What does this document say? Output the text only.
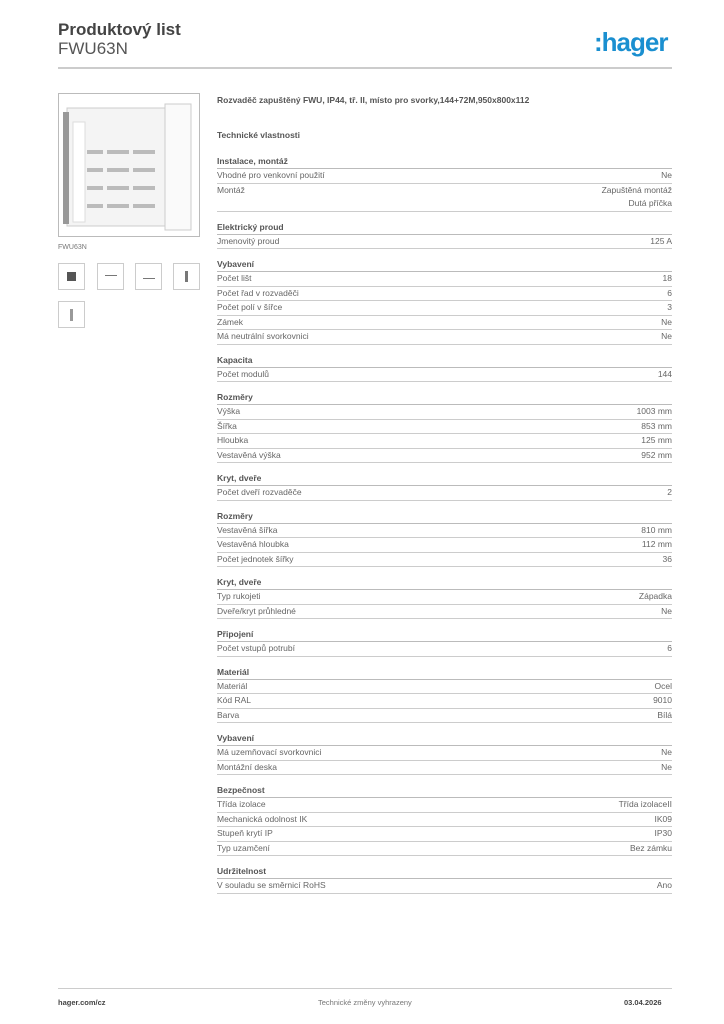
Produktový list
FWU63N	:hager
FWU63N
Rozvaděč zapuštěný FWU, IP44, tř. II, místo pro svorky,144+72M,950x800x112
Technické vlastnosti
Instalace, montáž
Vhodné pro venkovní použití	Ne
Montáž	Zapuštěná montáž
Dutá příčka
Elektrický proud
Jmenovitý proud	125 A
Vybavení
Počet lišt	18
Počet řad v rozvaděči	6
Počet polí v šířce	3
Zámek	Ne
Má neutrální svorkovnici	Ne
Kapacita
Počet modulů	144
Rozměry
Výška	1003 mm
Šířka	853 mm
Hloubka	125 mm
Vestavěná výška	952 mm
Kryt, dveře
Počet dveří rozvaděče	2
Rozměry
Vestavěná šířka	810 mm
Vestavěná hloubka	112 mm
Počet jednotek šířky	36
Kryt, dveře
Typ rukojeti	Západka
Dveře/kryt průhledné	Ne
Připojení
Počet vstupů potrubí	6
Materiál
Materiál	Ocel
Kód RAL	9010
Barva	Bílá
Vybavení
Má uzemňovací svorkovnici	Ne
Montážní deska	Ne
Bezpečnost
Třída izolace	Třída izolaceII
Mechanická odolnost IK	IK09
Stupeň krytí IP	IP30
Typ uzamčení	Bez zámku
Udržitelnost
V souladu se směrnicí RoHS	Ano
hager.com/cz	Technické změny vyhrazeny	03.04.2026
